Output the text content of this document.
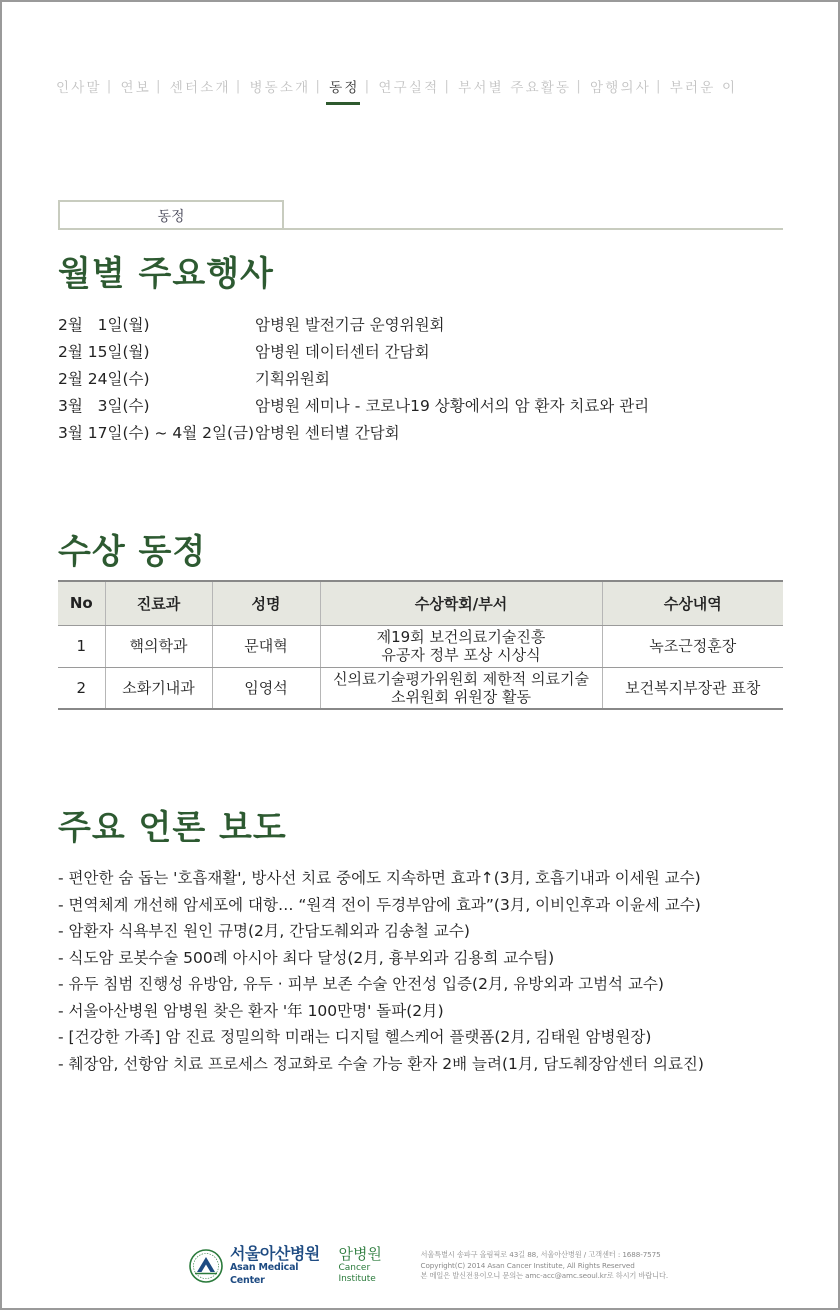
인사말 | 연보 | 센터소개 | 병동소개 | 동정 | 연구실적 | 부서별 주요활동 | 암행의사 | 부러운 이
동정
월별 주요행사
2월   1일(월)	암병원 발전기금 운영위원회
2월 15일(월)	암병원 데이터센터 간담회
2월 24일(수)	기획위원회
3월   3일(수)	암병원 세미나 - 코로나19 상황에서의 암 환자 치료와 관리
3월 17일(수) ~ 4월 2일(금) 암병원 센터별 간담회
수상 동정
No	진료과	성명	수상학회/부서	수상내역
1	핵의학과	문대혁	제19회 보건의료기술진흥
유공자 정부 포상 시상식	녹조근정훈장
2	소화기내과	임영석	신의료기술평가위원회 제한적 의료기술
소위원회 위원장 활동	보건복지부장관 표창
주요 언론 보도
- 편안한 숨 돕는 '호흡재활', 방사선 치료 중에도 지속하면 효과↑(3月, 호흡기내과 이세원 교수)
- 면역체계 개선해 암세포에 대항… “원격 전이 두경부암에 효과”(3月, 이비인후과 이윤세 교수)
- 암환자 식욕부진 원인 규명(2月, 간담도췌외과 김송철 교수)
- 식도암 로봇수술 500례 아시아 최다 달성(2月, 흉부외과 김용희 교수팀)
- 유두 침범 진행성 유방암, 유두 · 피부 보존 수술 안전성 입증(2月, 유방외과 고범석 교수)
- 서울아산병원 암병원 찾은 환자 '年 100만명' 돌파(2月)
- [건강한 가족] 암 진료 정밀의학 미래는 디지털 헬스케어 플랫폼(2月, 김태원 암병원장)
- 췌장암, 선항암 치료 프로세스 정교화로 수술 가능 환자 2배 늘려(1月, 담도췌장암센터 의료진)
서울아산병원
Asan Medical Center
암병원
Cancer Institute
서울특별시 송파구 올림픽로 43길 88, 서울아산병원 / 고객센터 : 1688-7575
Copyright(C) 2014 Asan Cancer Institute, All Rights Reserved
본 메일은 발신전용이오니 문의는 amc-acc@amc.seoul.kr로 하시기 바랍니다.
